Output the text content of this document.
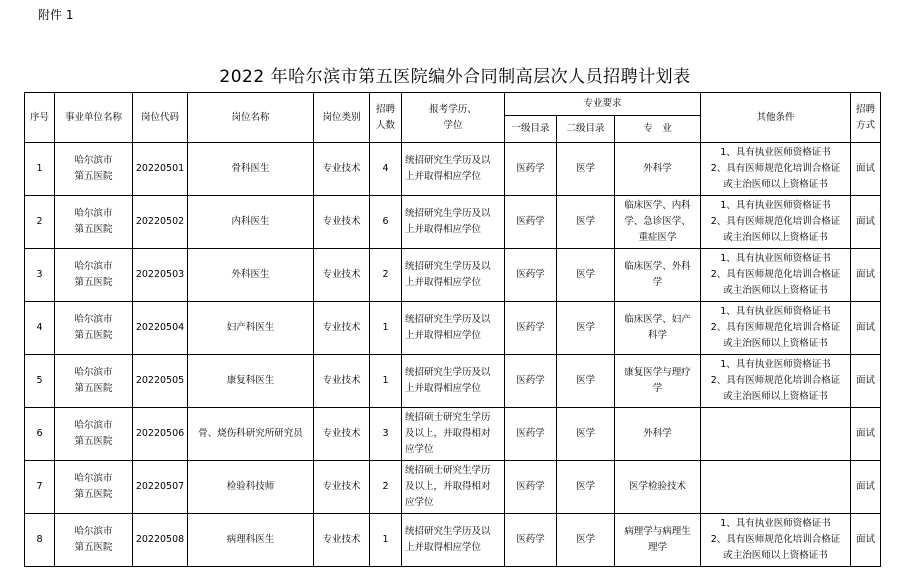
附件 1
2022 年哈尔滨市第五医院编外合同制高层次人员招聘计划表
序号	事业单位名称	岗位代码	岗位名称	岗位类别	招聘
人数	报考学历、
学位	专业要求			其他条件	招聘
方式
							一级目录	二级目录	专　业		
1	哈尔滨市
第五医院	20220501	骨科医生	专业技术	4	统招研究生学历及以
上并取得相应学位	医药学	医学	外科学	1、具有执业医师资格证书
2、具有医师规范化培训合格证
或主治医师以上资格证书	面试
2	哈尔滨市
第五医院	20220502	内科医生	专业技术	6	统招研究生学历及以
上并取得相应学位	医药学	医学	临床医学、内科
学、急诊医学、
重症医学	1、具有执业医师资格证书
2、具有医师规范化培训合格证
或主治医师以上资格证书	面试
3	哈尔滨市
第五医院	20220503	外科医生	专业技术	2	统招研究生学历及以
上并取得相应学位	医药学	医学	临床医学、外科
学	1、具有执业医师资格证书
2、具有医师规范化培训合格证
或主治医师以上资格证书	面试
4	哈尔滨市
第五医院	20220504	妇产科医生	专业技术	1	统招研究生学历及以
上并取得相应学位	医药学	医学	临床医学、妇产
科学	1、具有执业医师资格证书
2、具有医师规范化培训合格证
或主治医师以上资格证书	面试
5	哈尔滨市
第五医院	20220505	康复科医生	专业技术	1	统招研究生学历及以
上并取得相应学位	医药学	医学	康复医学与理疗
学	1、具有执业医师资格证书
2、具有医师规范化培训合格证
或主治医师以上资格证书	面试
6	哈尔滨市
第五医院	20220506	骨、烧伤科研究所研究员	专业技术	3	统招硕士研究生学历
及以上，并取得相对
应学位	医药学	医学	外科学		面试
7	哈尔滨市
第五医院	20220507	检验科技师	专业技术	2	统招硕士研究生学历
及以上，并取得相对
应学位	医药学	医学	医学检验技术		面试
8	哈尔滨市
第五医院	20220508	病理科医生	专业技术	1	统招研究生学历及以
上并取得相应学位	医药学	医学	病理学与病理生
理学	1、具有执业医师资格证书
2、具有医师规范化培训合格证
或主治医师以上资格证书	面试
